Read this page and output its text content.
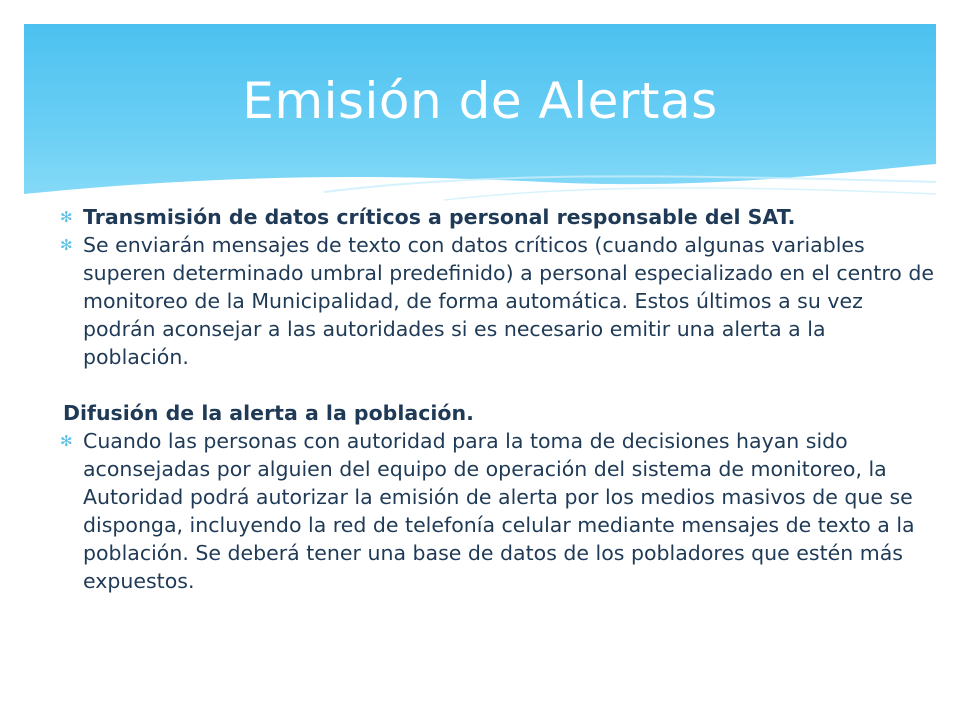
Emisión de Alertas

✻ Transmisión de datos críticos a personal responsable del SAT.

✻ Se enviarán mensajes de texto con datos críticos (cuando algunas variables superen determinado umbral predefinido) a personal especializado en el centro de monitoreo de la Municipalidad, de forma automática. Estos últimos a su vez podrán aconsejar a las autoridades si es necesario emitir una alerta a la población.

Difusión de la alerta a la población.

✻ Cuando las personas con autoridad para la toma de decisiones hayan sido aconsejadas por alguien del equipo de operación del sistema de monitoreo, la Autoridad podrá autorizar la emisión de alerta por los medios masivos de que se disponga, incluyendo la red de telefonía celular mediante mensajes de texto a la población. Se deberá tener una base de datos de los pobladores que estén más expuestos.
